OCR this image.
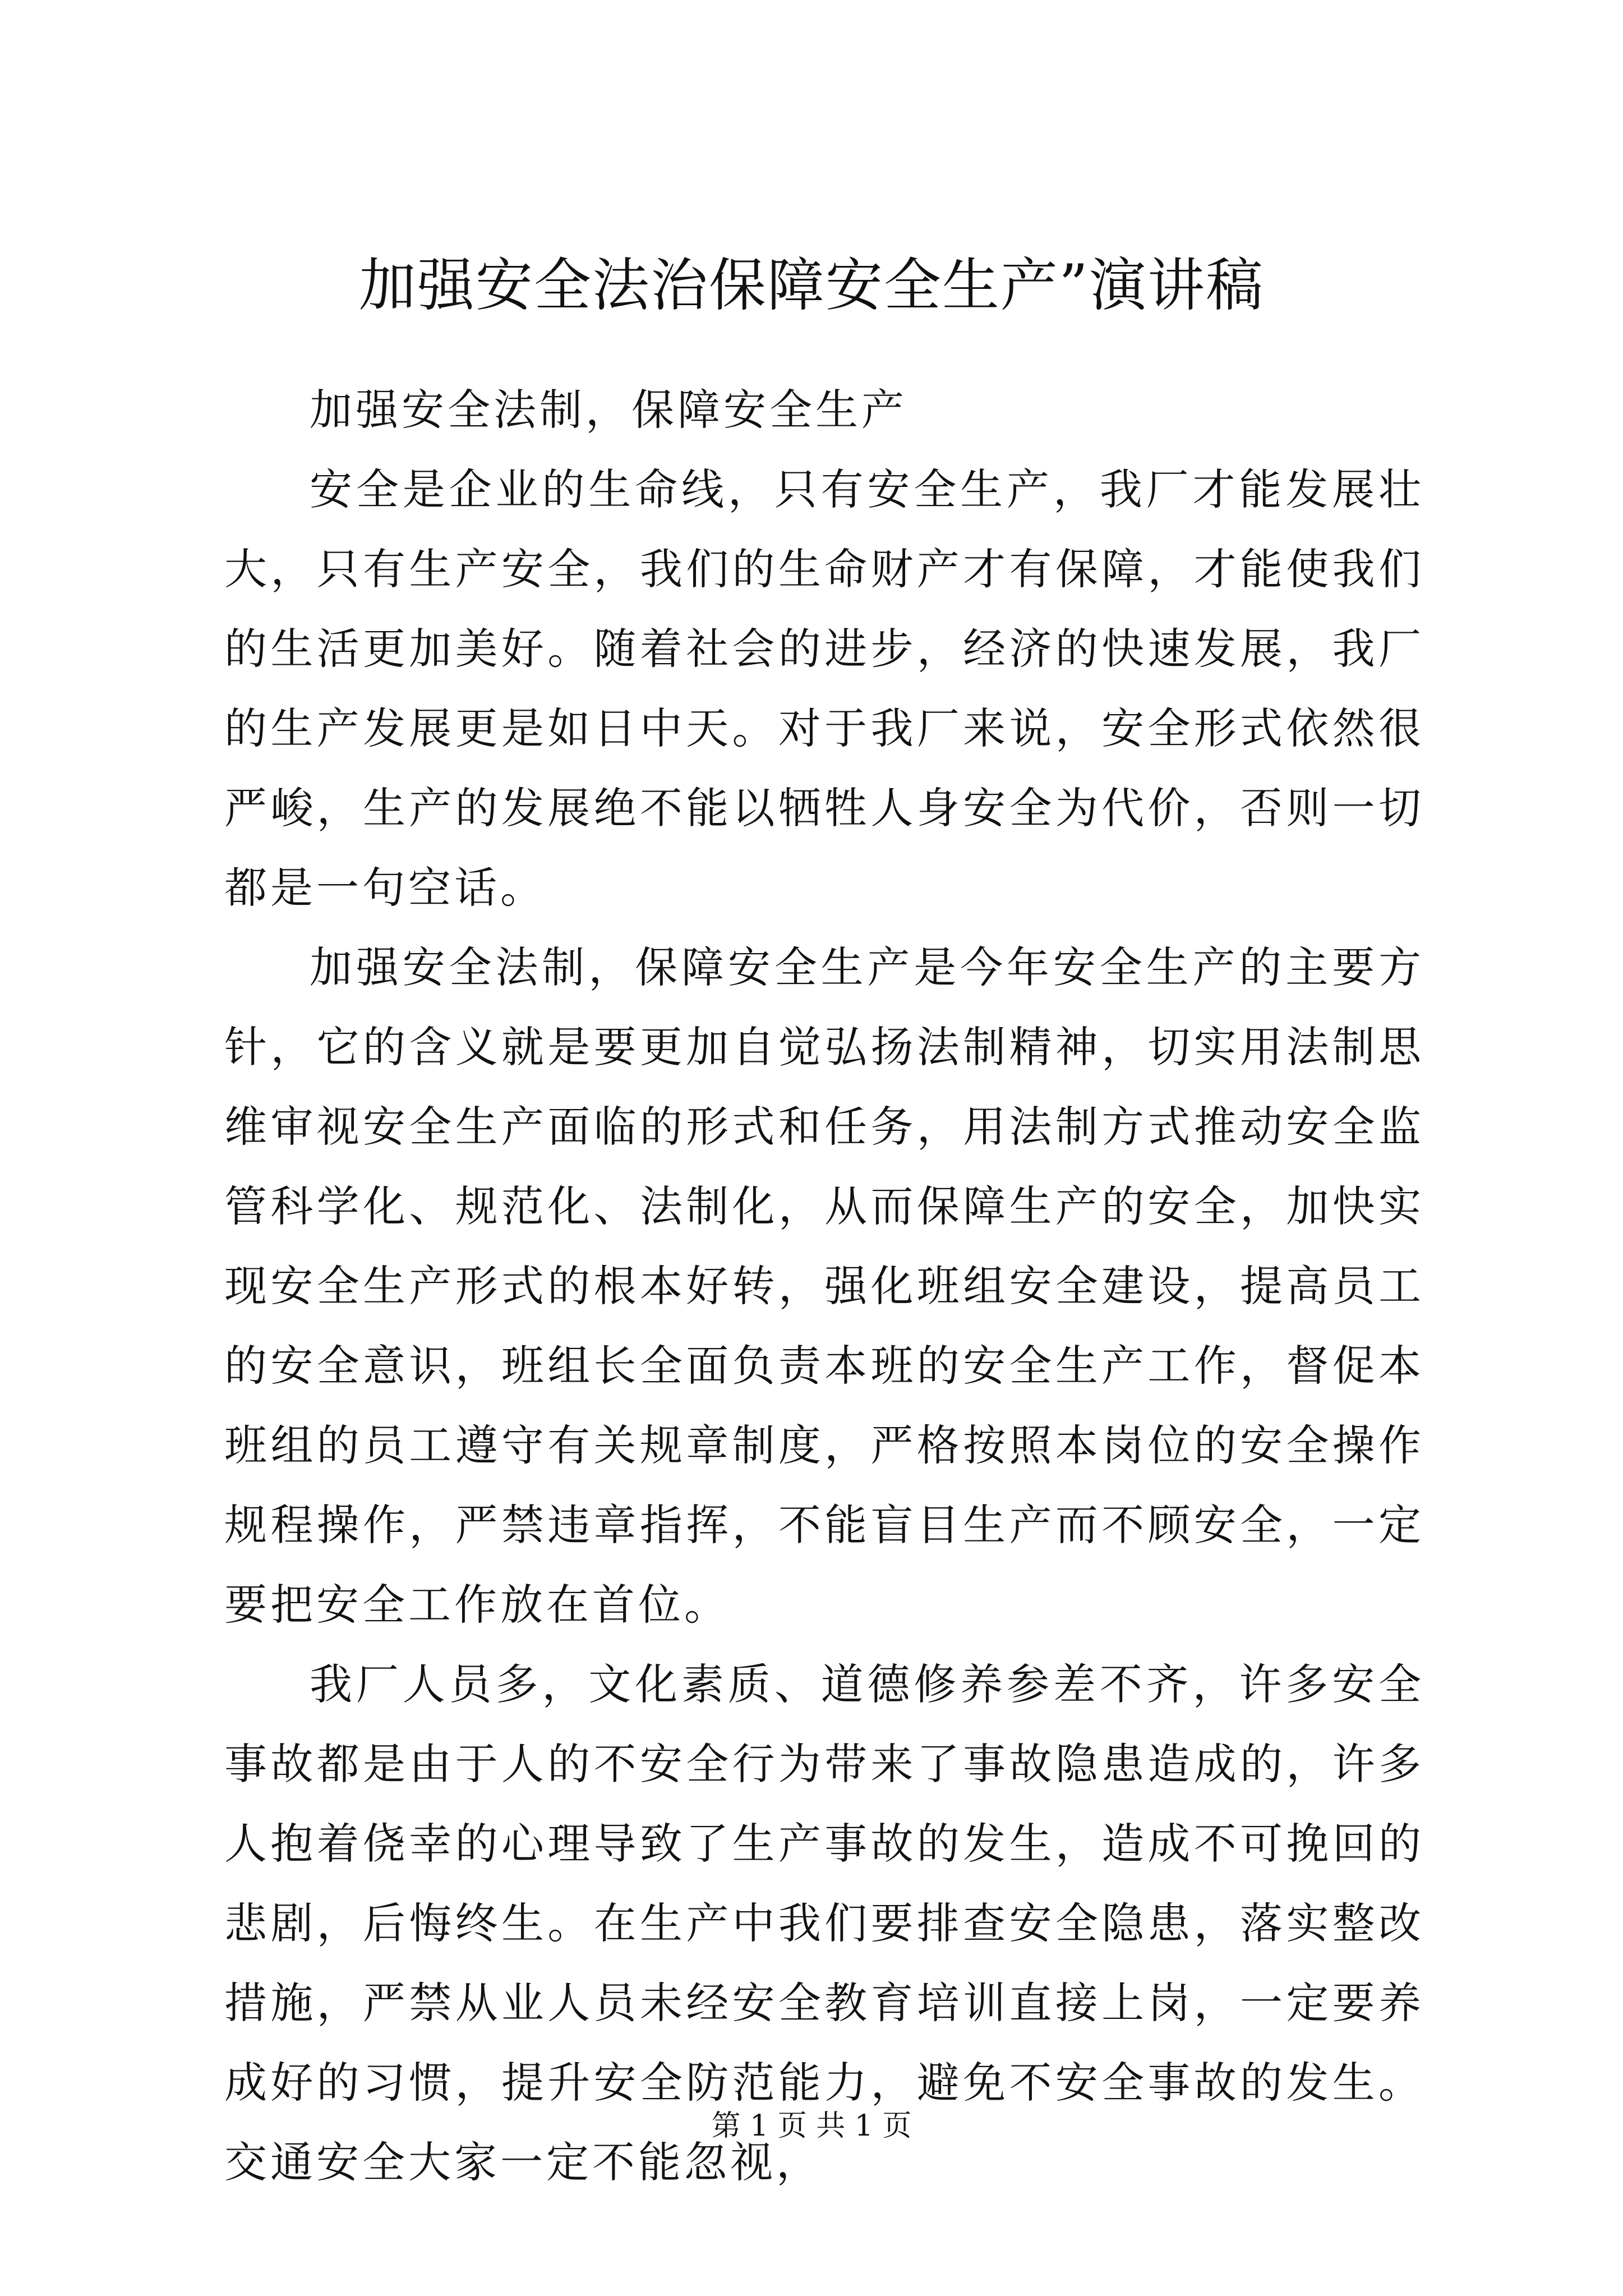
加强安全法治保障安全生产”演讲稿

加强安全法制，保障安全生产

安全是企业的生命线，只有安全生产，我厂才能发展壮大，只有生产安全，我们的生命财产才有保障，才能使我们的生活更加美好。随着社会的进步，经济的快速发展，我厂的生产发展更是如日中天。对于我厂来说，安全形式依然很严峻，生产的发展绝不能以牺牲人身安全为代价，否则一切都是一句空话。

加强安全法制，保障安全生产是今年安全生产的主要方针，它的含义就是要更加自觉弘扬法制精神，切实用法制思维审视安全生产面临的形式和任务，用法制方式推动安全监管科学化、规范化、法制化，从而保障生产的安全，加快实现安全生产形式的根本好转，强化班组安全建设，提高员工的安全意识，班组长全面负责本班的安全生产工作，督促本班组的员工遵守有关规章制度，严格按照本岗位的安全操作规程操作，严禁违章指挥，不能盲目生产而不顾安全，一定要把安全工作放在首位。

我厂人员多，文化素质、道德修养参差不齐，许多安全事故都是由于人的不安全行为带来了事故隐患造成的，许多人抱着侥幸的心理导致了生产事故的发生，造成不可挽回的悲剧，后悔终生。在生产中我们要排查安全隐患，落实整改措施，严禁从业人员未经安全教育培训直接上岗，一定要养成好的习惯，提升安全防范能力，避免不安全事故的发生。交通安全大家一定不能忽视，

第 1 页 共 1 页
